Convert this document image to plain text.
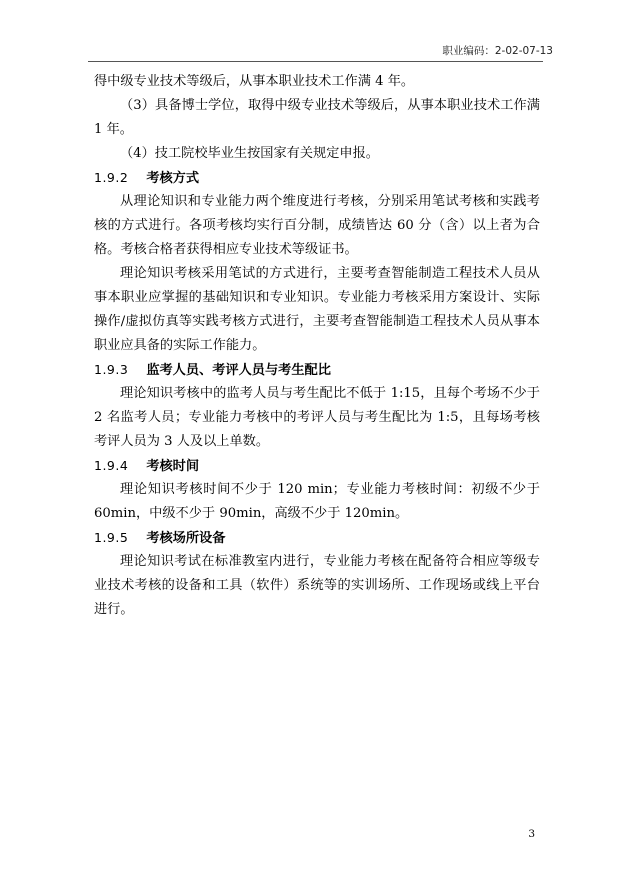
职业编码：2-02-07-13

得中级专业技术等级后，从事本职业技术工作满 4 年。

（3）具备博士学位，取得中级专业技术等级后，从事本职业技术工作满 1 年。

（4）技工院校毕业生按国家有关规定申报。

1.9.2 考核方式

从理论知识和专业能力两个维度进行考核，分别采用笔试考核和实践考核的方式进行。各项考核均实行百分制，成绩皆达 60 分（含）以上者为合格。考核合格者获得相应专业技术等级证书。

理论知识考核采用笔试的方式进行，主要考查智能制造工程技术人员从事本职业应掌握的基础知识和专业知识。专业能力考核采用方案设计、实际操作/虚拟仿真等实践考核方式进行，主要考查智能制造工程技术人员从事本职业应具备的实际工作能力。

1.9.3 监考人员、考评人员与考生配比

理论知识考核中的监考人员与考生配比不低于 1:15，且每个考场不少于 2 名监考人员；专业能力考核中的考评人员与考生配比为 1:5，且每场考核考评人员为 3 人及以上单数。

1.9.4 考核时间

理论知识考核时间不少于 120 min；专业能力考核时间：初级不少于 60min，中级不少于 90min，高级不少于 120min。

1.9.5 考核场所设备

理论知识考试在标准教室内进行，专业能力考核在配备符合相应等级专业技术考核的设备和工具（软件）系统等的实训场所、工作现场或线上平台进行。

3
